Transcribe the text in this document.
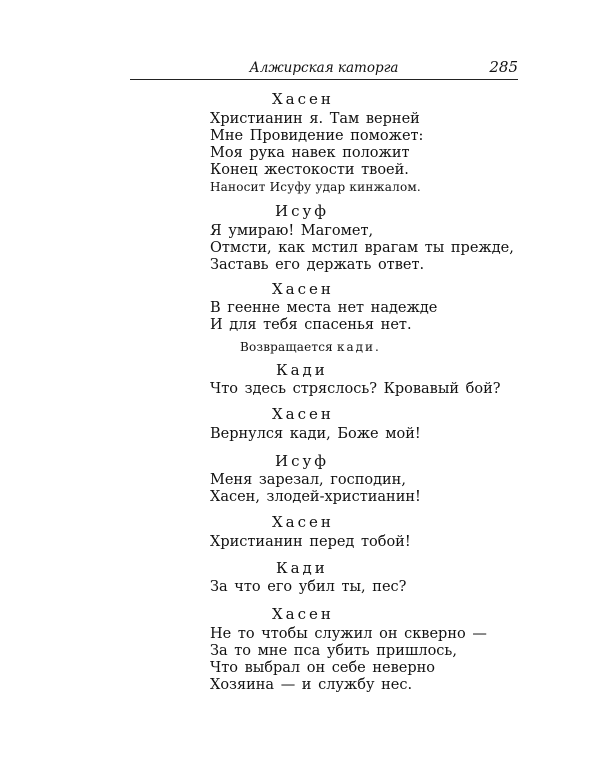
Алжирская каторга	285
Хасен
Христианин я. Там верней
Мне Провидение поможет:
Моя рука навек положит
Конец жестокости твоей.
Наносит Исуфу удар кинжалом.
Исуф
Я умираю! Магомет,
Отмсти, как мстил врагам ты прежде,
Заставь его держать ответ.
Хасен
В геенне места нет надежде
И для тебя спасенья нет.
Возвращается кади.
Кади
Что здесь стряслось? Кровавый бой?
Хасен
Вернулся кади, Боже мой!
Исуф
Меня зарезал, господин,
Хасен, злодей-христианин!
Хасен
Христианин перед тобой!
Кади
За что его убил ты, пес?
Хасен
Не то чтобы служил он скверно —
За то мне пса убить пришлось,
Что выбрал он себе неверно
Хозяина — и службу нес.
